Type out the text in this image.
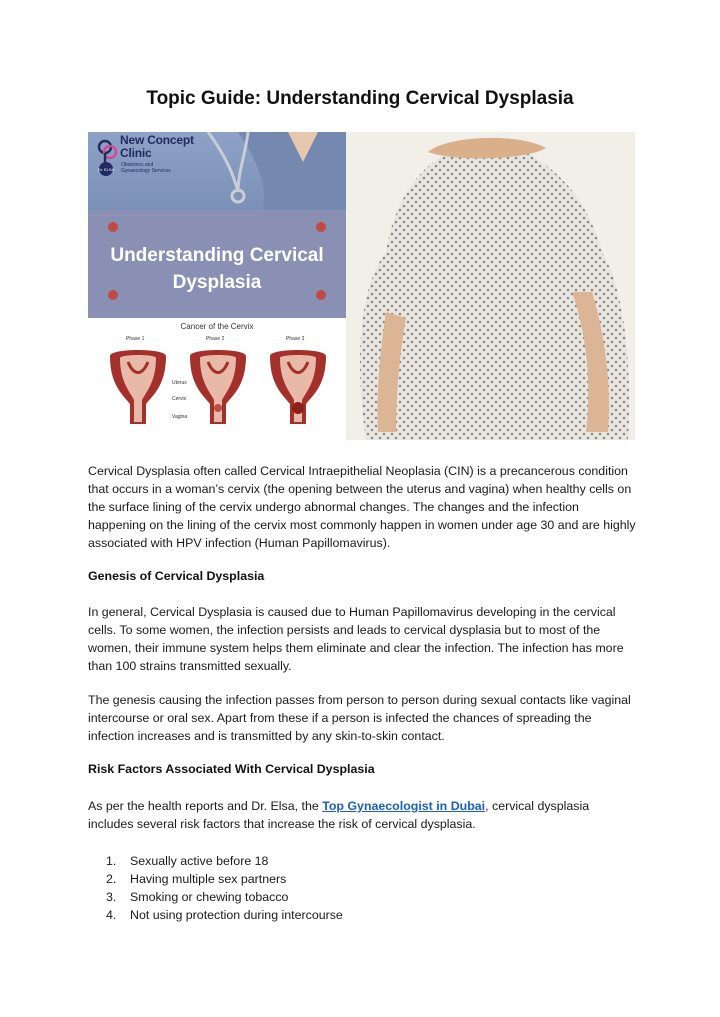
Topic Guide: Understanding Cervical Dysplasia
Dr. ELSA
New Concept
Clinic
Obstetrics and Gynaecology Services
Understanding Cervical
Dysplasia
Cancer of the Cervix
Phase 1	Phase 2	Phase 3
Uterus
Cervix
Vagina

Cervical Dysplasia often called Cervical Intraepithelial Neoplasia (CIN) is a precancerous condition that occurs in a woman’s cervix (the opening between the uterus and vagina) when healthy cells on the surface lining of the cervix undergo abnormal changes. The changes and the infection happening on the lining of the cervix most commonly happen in women under age 30 and are highly associated with HPV infection (Human Papillomavirus).

Genesis of Cervical Dysplasia

In general, Cervical Dysplasia is caused due to Human Papillomavirus developing in the cervical cells. To some women, the infection persists and leads to cervical dysplasia but to most of the women, their immune system helps them eliminate and clear the infection. The infection has more than 100 strains transmitted sexually.

The genesis causing the infection passes from person to person during sexual contacts like vaginal intercourse or oral sex. Apart from these if a person is infected the chances of spreading the infection increases and is transmitted by any skin-to-skin contact.

Risk Factors Associated With Cervical Dysplasia

As per the health reports and Dr. Elsa, the Top Gynaecologist in Dubai, cervical dysplasia includes several risk factors that increase the risk of cervical dysplasia.

1.	Sexually active before 18
2.	Having multiple sex partners
3.	Smoking or chewing tobacco
4.	Not using protection during intercourse
